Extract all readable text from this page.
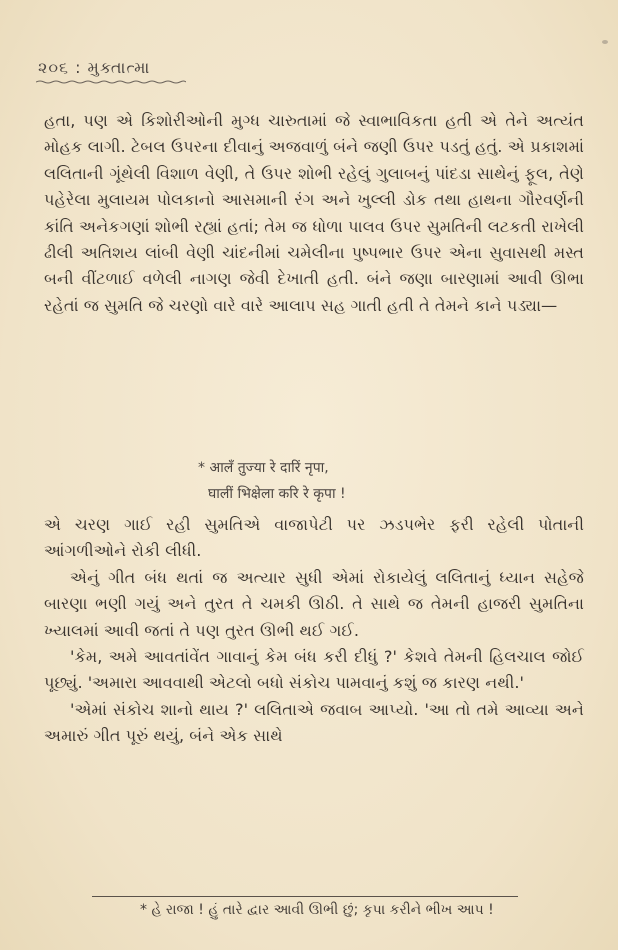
૨૦૬ : મુક્તાત્મા

હતા, પણ એ કિશોરીઓની મુગ્ધ ચારુતામાં જે સ્વાભાવિકતા હતી એ તેને અત્યંત મોહક લાગી. ટેબલ ઉપરના દીવાનું અજવાળું બંને જણી ઉપર પડતું હતું. એ પ્રકાશમાં લલિતાની ગૂંથેલી વિશાળ વેણી, તે ઉપર શોભી રહેલું ગુલાબનું પાંદડા સાથેનું ફૂલ, તેણે પહેરેલા મુલાયમ પોલકાનો આસમાની રંગ અને ખુલ્લી ડોક તથા હાથના ગૌરવર્ણની કાંતિ અનેકગણાં શોભી રહ્યાં હતાં; તેમ જ ધોળા પાલવ ઉપર સુમતિની લટકતી રાખેલી ઢીલી અતિશય લાંબી વેણી ચાંદનીમાં ચમેલીના પુષ્પભાર ઉપર એના સુવાસથી મસ્ત બની વીંટળાઈ વળેલી નાગણ જેવી દેખાતી હતી. બંને જણા બારણામાં આવી ઊભા રહેતાં જ સુમતિ જે ચરણો વારે વારે આલાપ સહ ગાતી હતી તે તેમને કાને પડ્યા—

* आलँ तुज्या रे दारिं नृपा,
घालीं भिक्षेला करि रे कृपा !

એ ચરણ ગાઈ રહી સુમતિએ વાજાપેટી પર ઝડપભેર ફરી રહેલી પોતાની આંગળીઓને રોકી લીધી.

એનું ગીત બંધ થતાં જ અત્યાર સુધી એમાં રોકાયેલું લલિતાનું ધ્યાન સહેજે બારણા ભણી ગયું અને તુરત તે ચમકી ઊઠી. તે સાથે જ તેમની હાજરી સુમતિના ખ્યાલમાં આવી જતાં તે પણ તુરત ઊભી થઈ ગઈ.

'કેમ, અમે આવતાંવેંત ગાવાનું કેમ બંધ કરી દીધું ?' કેશવે તેમની હિલચાલ જોઈ પૂછ્યું. 'અમારા આવવાથી એટલો બધો સંકોચ પામવાનું કશું જ કારણ નથી.'

'એમાં સંકોચ શાનો થાય ?' લલિતાએ જવાબ આપ્યો. 'આ તો તમે આવ્યા અને અમારું ગીત પૂરું થયું, બંને એક સાથે

* હે રાજા ! હું તારે દ્વાર આવી ઊભી છું; કૃપા કરીને ભીખ આપ !
